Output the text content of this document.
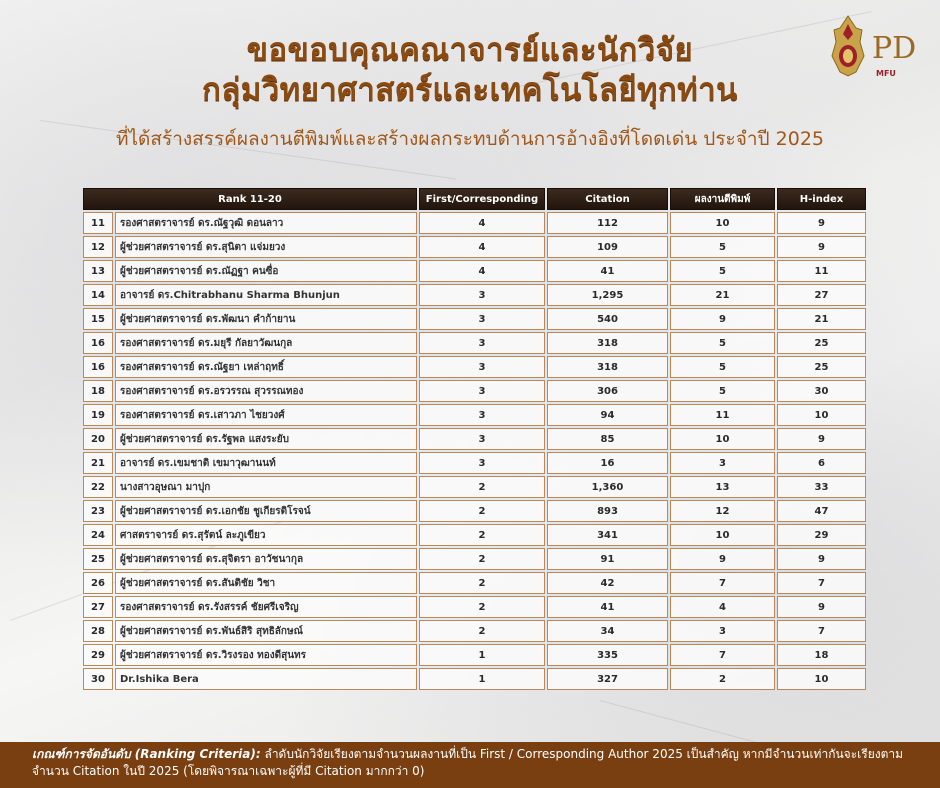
ขอขอบคุณคณาจารย์และนักวิจัย
กลุ่มวิทยาศาสตร์และเทคโนโลยีทุกท่าน
ที่ได้สร้างสรรค์ผลงานตีพิมพ์และสร้างผลกระทบด้านการอ้างอิงที่โดดเด่น ประจำปี 2025
PD
MFU
Rank 11-20		First/Corresponding	Citation	ผลงานตีพิมพ์	H-index
11	รองศาสตราจารย์ ดร.ณัฐวุฒิ ดอนลาว	4	112	10	9
12	ผู้ช่วยศาสตราจารย์ ดร.สุนิตา แจ่มยวง	4	109	5	9
13	ผู้ช่วยศาสตราจารย์ ดร.ณัฏฐา คนซื่อ	4	41	5	11
14	อาจารย์ ดร.Chitrabhanu Sharma Bhunjun	3	1,295	21	27
15	ผู้ช่วยศาสตราจารย์ ดร.พัฒนา คำก้ายาน	3	540	9	21
16	รองศาสตราจารย์ ดร.มยุรี กัลยาวัฒนกุล	3	318	5	25
16	รองศาสตราจารย์ ดร.ณัฐยา เหล่าฤทธิ์	3	318	5	25
18	รองศาสตราจารย์ ดร.อรวรรณ สุวรรณทอง	3	306	5	30
19	รองศาสตราจารย์ ดร.เสาวภา ไชยวงศ์	3	94	11	10
20	ผู้ช่วยศาสตราจารย์ ดร.รัฐพล แสงระยับ	3	85	10	9
21	อาจารย์ ดร.เขมชาติ เขมาวุฒานนท์	3	16	3	6
22	นางสาวอุษณา มาปุก	2	1,360	13	33
23	ผู้ช่วยศาสตราจารย์ ดร.เอกชัย ชูเกียรติโรจน์	2	893	12	47
24	ศาสตราจารย์ ดร.สุรัตน์ ละภูเขียว	2	341	10	29
25	ผู้ช่วยศาสตราจารย์ ดร.สุจิตรา อาวัชนากุล	2	91	9	9
26	ผู้ช่วยศาสตราจารย์ ดร.สันติชัย วิชา	2	42	7	7
27	รองศาสตราจารย์ ดร.รังสรรค์ ชัยศรีเจริญ	2	41	4	9
28	ผู้ช่วยศาสตราจารย์ ดร.พันธ์สิริ สุทธิลักษณ์	2	34	3	7
29	ผู้ช่วยศาสตราจารย์ ดร.วิรงรอง ทองดีสุนทร	1	335	7	18
30	Dr.Ishika Bera	1	327	2	10
เกณฑ์การจัดอันดับ (Ranking Criteria): ลำดับนักวิจัยเรียงตามจำนวนผลงานที่เป็น First / Corresponding Author 2025 เป็นสำคัญ หากมีจำนวนเท่ากันจะเรียงตามจำนวน Citation ในปี 2025 (โดยพิจารณาเฉพาะผู้ที่มี Citation มากกว่า 0)
